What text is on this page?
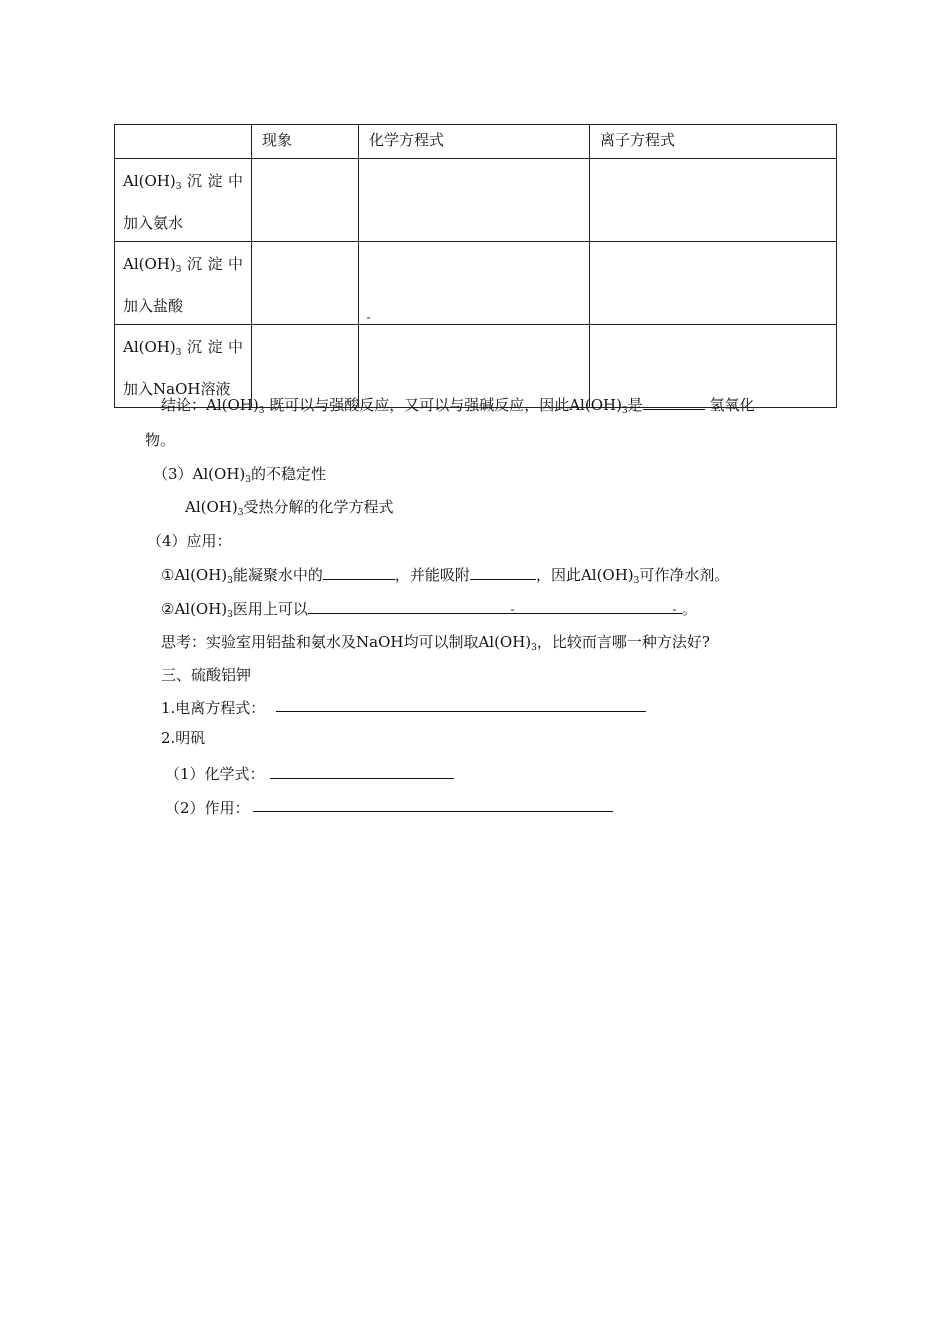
	现象	化学方程式	离子方程式

$Al(OH)_3$ 沉 淀 中
加入氨水			

$Al(OH)_3$ 沉 淀 中
加入盐酸			

$Al(OH)_3$ 沉 淀 中
加入NaOH溶液			

结论：$Al(OH)_3$ 既可以与强酸反应，又可以与强碱反应，因此$Al(OH)_3$是	氢氧化
物。
$(3)Al(OH)_3$的不稳定性
$Al(OH)_3$受热分解的化学方程式
（4）应用：
$①Al(OH)_3$能凝聚水中的	，并能吸附	，因此$Al(OH)_3$可作净水剂。
$②Al(OH)_3$医用上可以	。
思考：实验室用铝盐和氨水及NaOH均可以制取$Al(OH)_3$，比较而言哪一种方法好?
三、硫酸铝钾
1.电离方程式：
2.明矾
（1）化学式：
（2）作用：
